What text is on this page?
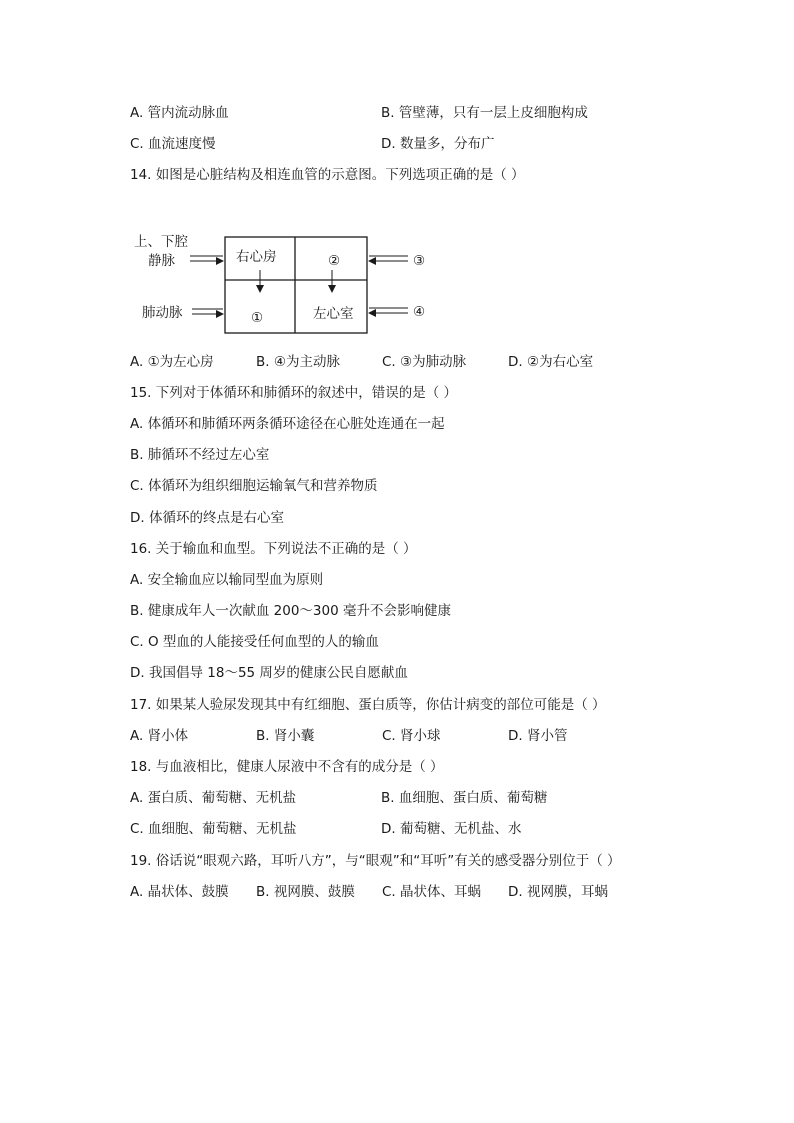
A. 管内流动脉血	B. 管壁薄，只有一层上皮细胞构成
C. 血流速度慢	D. 数量多，分布广
14. 如图是心脏结构及相连血管的示意图。下列选项正确的是（ ）
上、下腔
静脉
肺动脉
右心房
左心室
①
②	③
④
A. ①为左心房	B. ④为主动脉	C. ③为肺动脉	D. ②为右心室
15. 下列对于体循环和肺循环的叙述中，错误的是（ ）
A. 体循环和肺循环两条循环途径在心脏处连通在一起
B. 肺循环不经过左心室
C. 体循环为组织细胞运输氧气和营养物质
D. 体循环的终点是右心室
16. 关于输血和血型。下列说法不正确的是（ ）
A. 安全输血应以输同型血为原则
B. 健康成年人一次献血 200～300 毫升不会影响健康
C. O 型血的人能接受任何血型的人的输血
D. 我国倡导 18～55 周岁的健康公民自愿献血
17. 如果某人验尿发现其中有红细胞、蛋白质等，你估计病变的部位可能是（ ）
A. 肾小体	B. 肾小囊	C. 肾小球	D. 肾小管
18. 与血液相比，健康人尿液中不含有的成分是（ ）
A. 蛋白质、葡萄糖、无机盐	B. 血细胞、蛋白质、葡萄糖
C. 血细胞、葡萄糖、无机盐	D. 葡萄糖、无机盐、水
19. 俗话说“眼观六路，耳听八方”，与“眼观”和“耳听”有关的感受器分别位于（ ）
A. 晶状体、鼓膜 B. 视网膜、鼓膜 C. 晶状体、耳蜗 D. 视网膜，耳蜗
